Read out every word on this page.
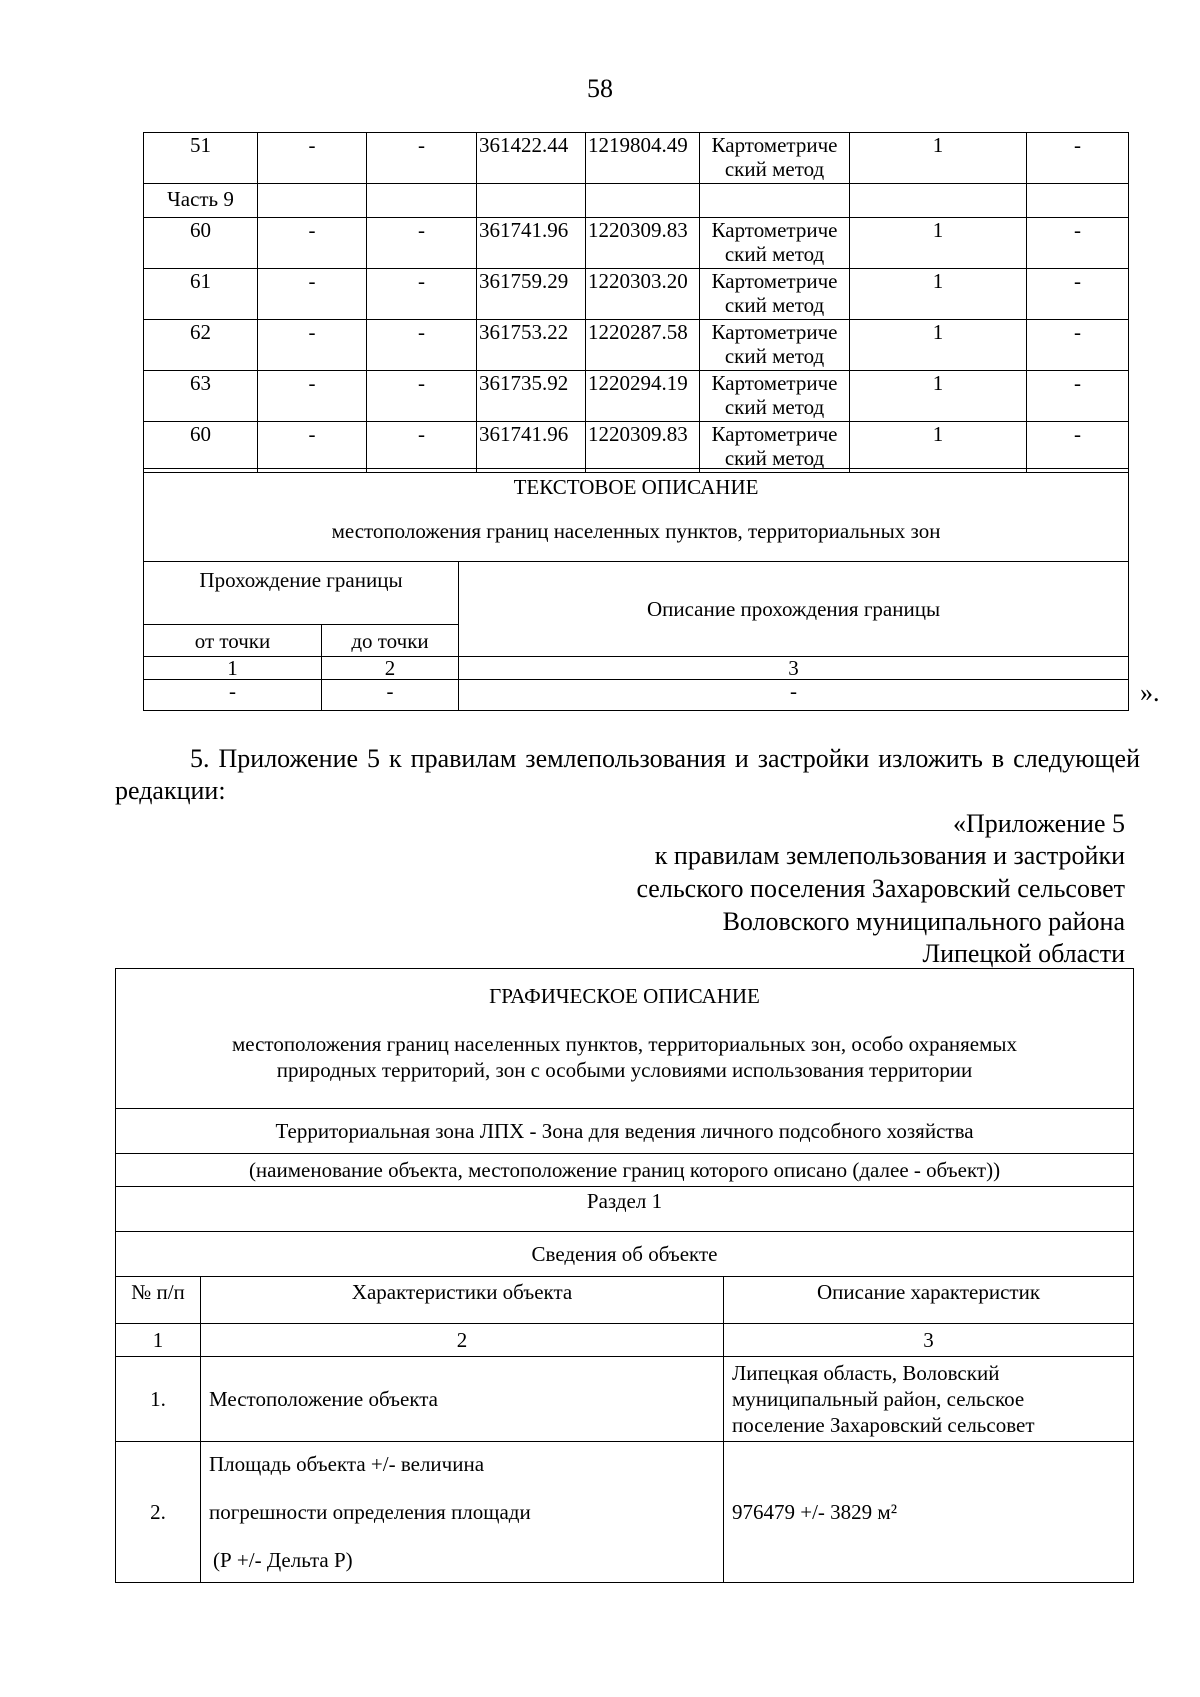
58
51	-	-	361422.44	1219804.49	Картометриче ский метод	1	-
Часть 9							
60	-	-	361741.96	1220309.83	Картометриче ский метод	1	-
61	-	-	361759.29	1220303.20	Картометриче ский метод	1	-
62	-	-	361753.22	1220287.58	Картометриче ский метод	1	-
63	-	-	361735.92	1220294.19	Картометриче ский метод	1	-
60	-	-	361741.96	1220309.83	Картометриче ский метод	1	-
ТЕКСТОВОЕ ОПИСАНИЕ
местоположения границ населенных пунктов, территориальных зон		

Прохождение границы		Описание прохождения границы
от точки	до точки	
1	2	3
-	-	-	».
5. Приложение 5 к правилам землепользования и застройки изложить в следующей редакции:
«Приложение 5
к правилам землепользования и застройки
сельского поселения Захаровский сельсовет
Воловского муниципального района
Липецкой области
ГРАФИЧЕСКОЕ ОПИСАНИЕ
местоположения границ населенных пунктов, территориальных зон, особо охраняемых
природных территорий, зон с особыми условиями использования территории		

Территориальная зона ЛПХ - Зона для ведения личного подсобного хозяйства		
(наименование объекта, местоположение границ которого описано (далее - объект))		
Раздел 1		
Сведения об объекте		
№ п/п	Характеристики объекта	Описание характеристик
1	2	3
1.	Местоположение объекта	Липецкая область, Воловский
муниципальный район, сельское
поселение Захаровский сельсовет

2.	Площадь объекта +/- величина
погрешности определения площади
(Р +/- Дельта Р)	976479 +/- 3829 м²
